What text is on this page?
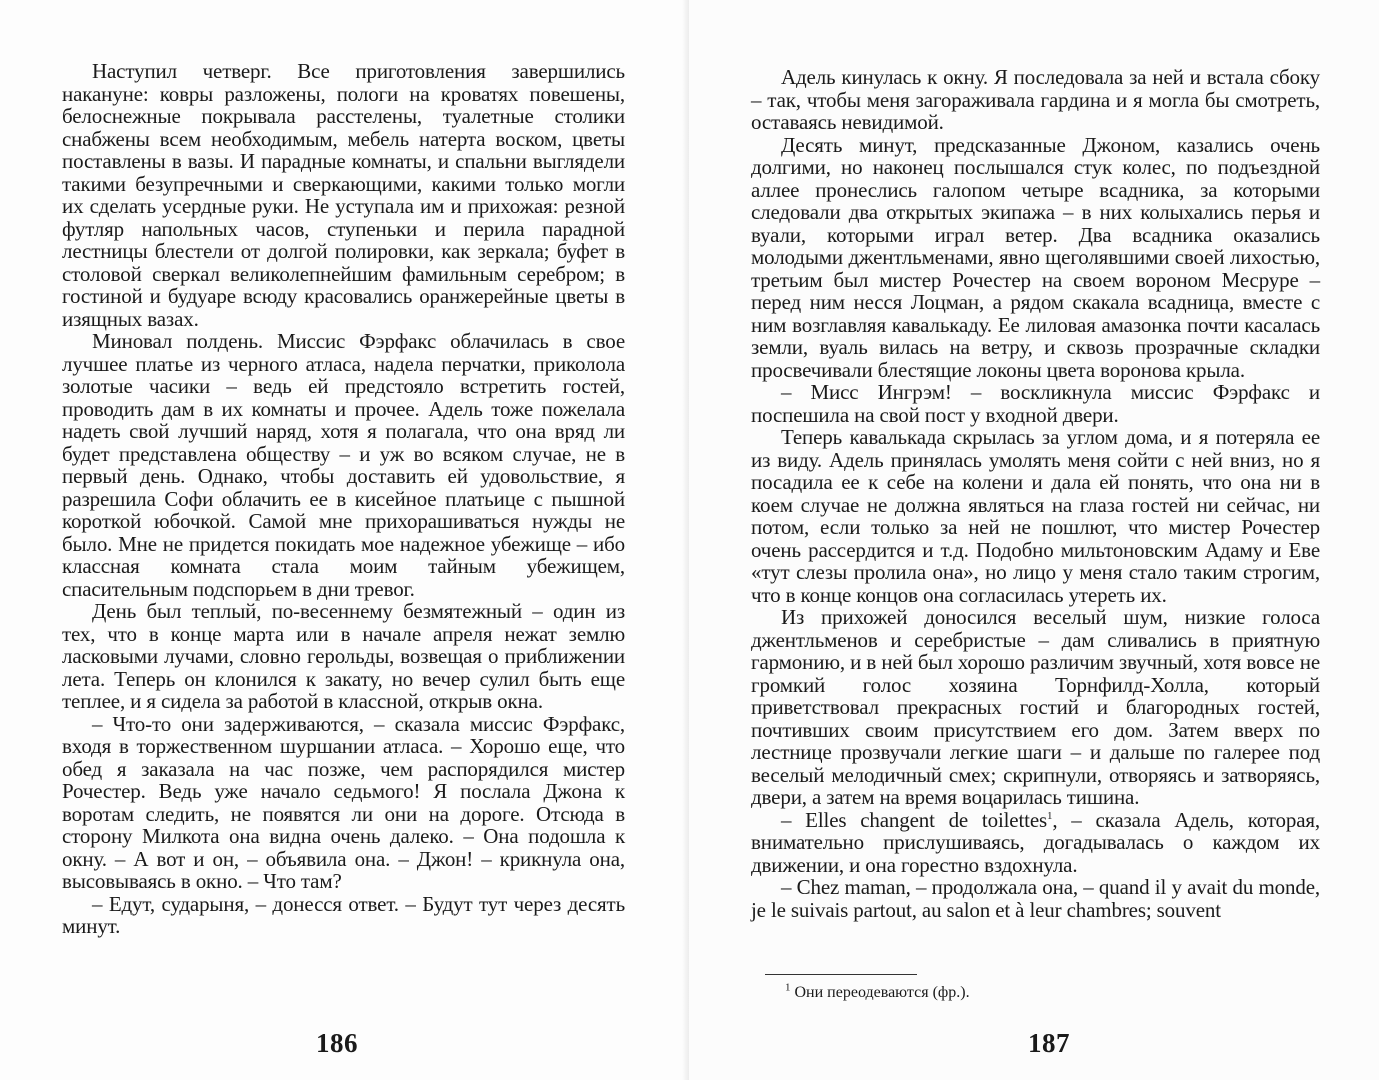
Наступил четверг. Все приготовления завершились накануне: ковры разложены, пологи на кроватях повешены, белоснежные покрывала расстелены, туалетные столики снабжены всем необходимым, мебель натерта воском, цветы поставлены в вазы. И парадные комнаты, и спальни выглядели такими безупречными и сверкающими, какими только могли их сделать усердные руки. Не уступала им и прихожая: резной футляр напольных часов, ступеньки и перила парадной лестницы блестели от долгой полировки, как зеркала; буфет в столовой сверкал великолепнейшим фамильным серебром; в гостиной и будуаре всюду красовались оранжерейные цветы в изящных вазах.

Миновал полдень. Миссис Фэрфакс облачилась в свое лучшее платье из черного атласа, надела перчатки, приколола золотые часики – ведь ей предстояло встретить гостей, проводить дам в их комнаты и прочее. Адель тоже пожелала надеть свой лучший наряд, хотя я полагала, что она вряд ли будет представлена обществу – и уж во всяком случае, не в первый день. Однако, чтобы доставить ей удовольствие, я разрешила Софи облачить ее в кисейное платьице с пышной короткой юбочкой. Самой мне прихорашиваться нужды не было. Мне не придется покидать мое надежное убежище – ибо классная комната стала моим тайным убежищем, спасительным подспорьем в дни тревог.

День был теплый, по-весеннему безмятежный – один из тех, что в конце марта или в начале апреля нежат землю ласковыми лучами, словно герольды, возвещая о приближении лета. Теперь он клонился к закату, но вечер сулил быть еще теплее, и я сидела за работой в классной, открыв окна.

– Что-то они задерживаются, – сказала миссис Фэрфакс, входя в торжественном шуршании атласа. – Хорошо еще, что обед я заказала на час позже, чем распорядился мистер Рочестер. Ведь уже начало седьмого! Я послала Джона к воротам следить, не появятся ли они на дороге. Отсюда в сторону Милкота она видна очень далеко. – Она подошла к окну. – А вот и он, – объявила она. – Джон! – крикнула она, высовываясь в окно. – Что там?

– Едут, сударыня, – донесся ответ. – Будут тут через десять минут.

186

Адель кинулась к окну. Я последовала за ней и встала сбоку – так, чтобы меня загораживала гардина и я могла бы смотреть, оставаясь невидимой.

Десять минут, предсказанные Джоном, казались очень долгими, но наконец послышался стук колес, по подъездной аллее пронеслись галопом четыре всадника, за которыми следовали два открытых экипажа – в них колыхались перья и вуали, которыми играл ветер. Два всадника оказались молодыми джентльменами, явно щеголявшими своей лихостью, третьим был мистер Рочестер на своем вороном Месруре – перед ним несся Лоцман, а рядом скакала всадница, вместе с ним возглавляя кавалькаду. Ее лиловая амазонка почти касалась земли, вуаль вилась на ветру, и сквозь прозрачные складки просвечивали блестящие локоны цвета воронова крыла.

– Мисс Ингрэм! – воскликнула миссис Фэрфакс и поспешила на свой пост у входной двери.

Теперь кавалькада скрылась за углом дома, и я потеряла ее из виду. Адель принялась умолять меня сойти с ней вниз, но я посадила ее к себе на колени и дала ей понять, что она ни в коем случае не должна являться на глаза гостей ни сейчас, ни потом, если только за ней не пошлют, что мистер Рочестер очень рассердится и т.д. Подобно мильтоновским Адаму и Еве «тут слезы пролила она», но лицо у меня стало таким строгим, что в конце концов она согласилась утереть их.

Из прихожей доносился веселый шум, низкие голоса джентльменов и серебристые – дам сливались в приятную гармонию, и в ней был хорошо различим звучный, хотя вовсе не громкий голос хозяина Торнфилд-Холла, который приветствовал прекрасных гостий и благородных гостей, почтивших своим присутствием его дом. Затем вверх по лестнице прозвучали легкие шаги – и дальше по галерее под веселый мелодичный смех; скрипнули, отворяясь и затворяясь, двери, а затем на время воцарилась тишина.

– Elles changent de toilettes$^1$, – сказала Адель, которая, внимательно прислушиваясь, догадывалась о каждом их движении, и она горестно вздохнула.

– Chez maman, – продолжала она, – quand il y avait du monde, je le suivais partout, au salon et à leur chambres; souvent

$^1$ Они переодеваются (фр.).
187
